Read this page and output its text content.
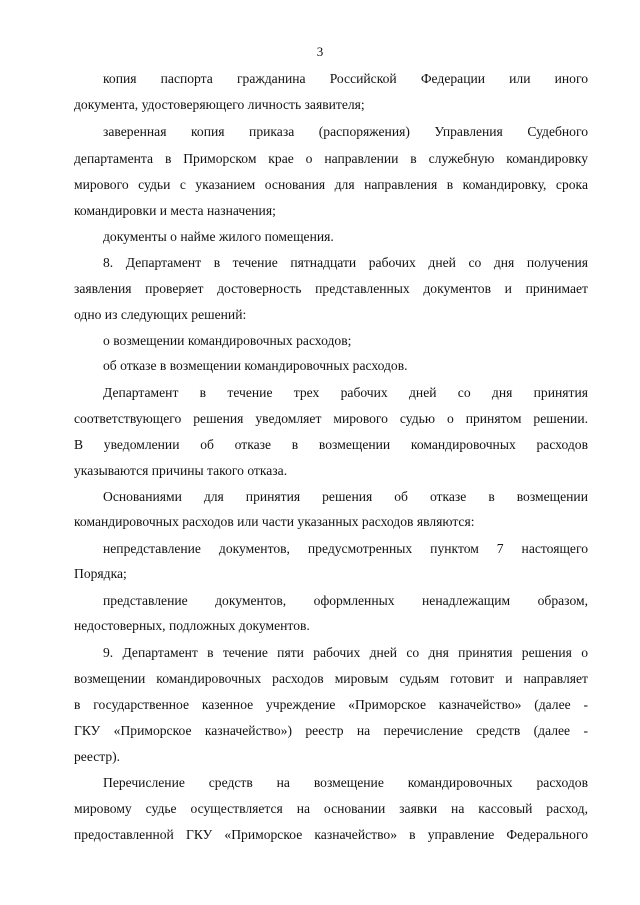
3
копия паспорта гражданина Российской Федерации или иного
документа, удостоверяющего личность заявителя;
заверенная копия приказа (распоряжения) Управления Судебного
департамента в Приморском крае о направлении в служебную командировку
мирового судьи с указанием основания для направления в командировку, срока
командировки и места назначения;
документы о найме жилого помещения.
8. Департамент в течение пятнадцати рабочих дней со дня получения
заявления проверяет достоверность представленных документов и принимает
одно из следующих решений:
о возмещении командировочных расходов;
об отказе в возмещении командировочных расходов.
Департамент в течение трех рабочих дней со дня принятия
соответствующего решения уведомляет мирового судью о принятом решении.
В уведомлении об отказе в возмещении командировочных расходов
указываются причины такого отказа.
Основаниями для принятия решения об отказе в возмещении
командировочных расходов или части указанных расходов являются:
непредставление документов, предусмотренных пунктом 7 настоящего
Порядка;
представление документов, оформленных ненадлежащим образом,
недостоверных, подложных документов.
9. Департамент в течение пяти рабочих дней со дня принятия решения о
возмещении командировочных расходов мировым судьям готовит и направляет
в государственное казенное учреждение «Приморское казначейство» (далее -
ГКУ «Приморское казначейство») реестр на перечисление средств (далее -
реестр).
Перечисление средств на возмещение командировочных расходов
мировому судье осуществляется на основании заявки на кассовый расход,
предоставленной ГКУ «Приморское казначейство» в управление Федерального
